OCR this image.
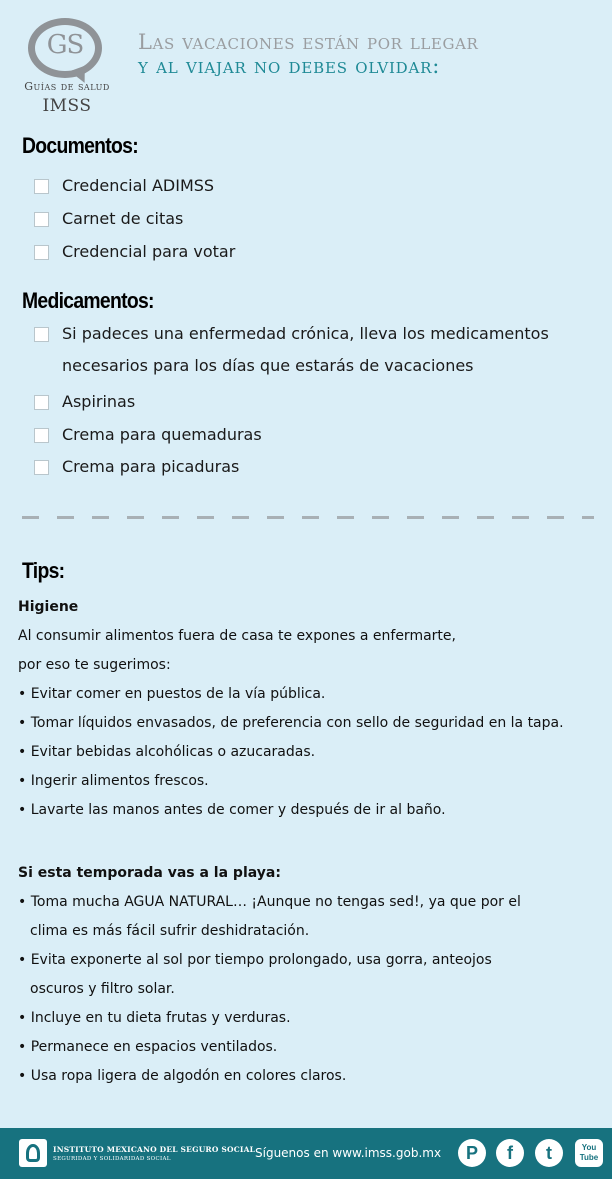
GS
Guías de salud
IMSS
Las vacaciones están por llegar
y al viajar no debes olvidar:
Documentos:
Credencial ADIMSS
Carnet de citas
Credencial para votar
Medicamentos:
Si padeces una enfermedad crónica, lleva los medicamentos
necesarios para los días que estarás de vacaciones
Aspirinas
Crema para quemaduras
Crema para picaduras
Tips:
Higiene
Al consumir alimentos fuera de casa te expones a enfermarte,
por eso te sugerimos:
• Evitar comer en puestos de la vía pública.
• Tomar líquidos envasados, de preferencia con sello de seguridad en la tapa.
• Evitar bebidas alcohólicas o azucaradas.
• Ingerir alimentos frescos.
• Lavarte las manos antes de comer y después de ir al baño.
Si esta temporada vas a la playa:
• Toma mucha AGUA NATURAL… ¡Aunque no tengas sed!, ya que por el
clima es más fácil sufrir deshidratación.
• Evita exponerte al sol por tiempo prolongado, usa gorra, anteojos
oscuros y filtro solar.
• Incluye en tu dieta frutas y verduras.
• Permanece en espacios ventilados.
• Usa ropa ligera de algodón en colores claros.
INSTITUTO MEXICANO DEL SEGURO SOCIAL
SEGURIDAD Y SOLIDARIDAD SOCIAL	Síguenos en www.imss.gob.mx	P	f	t	You
Tube
